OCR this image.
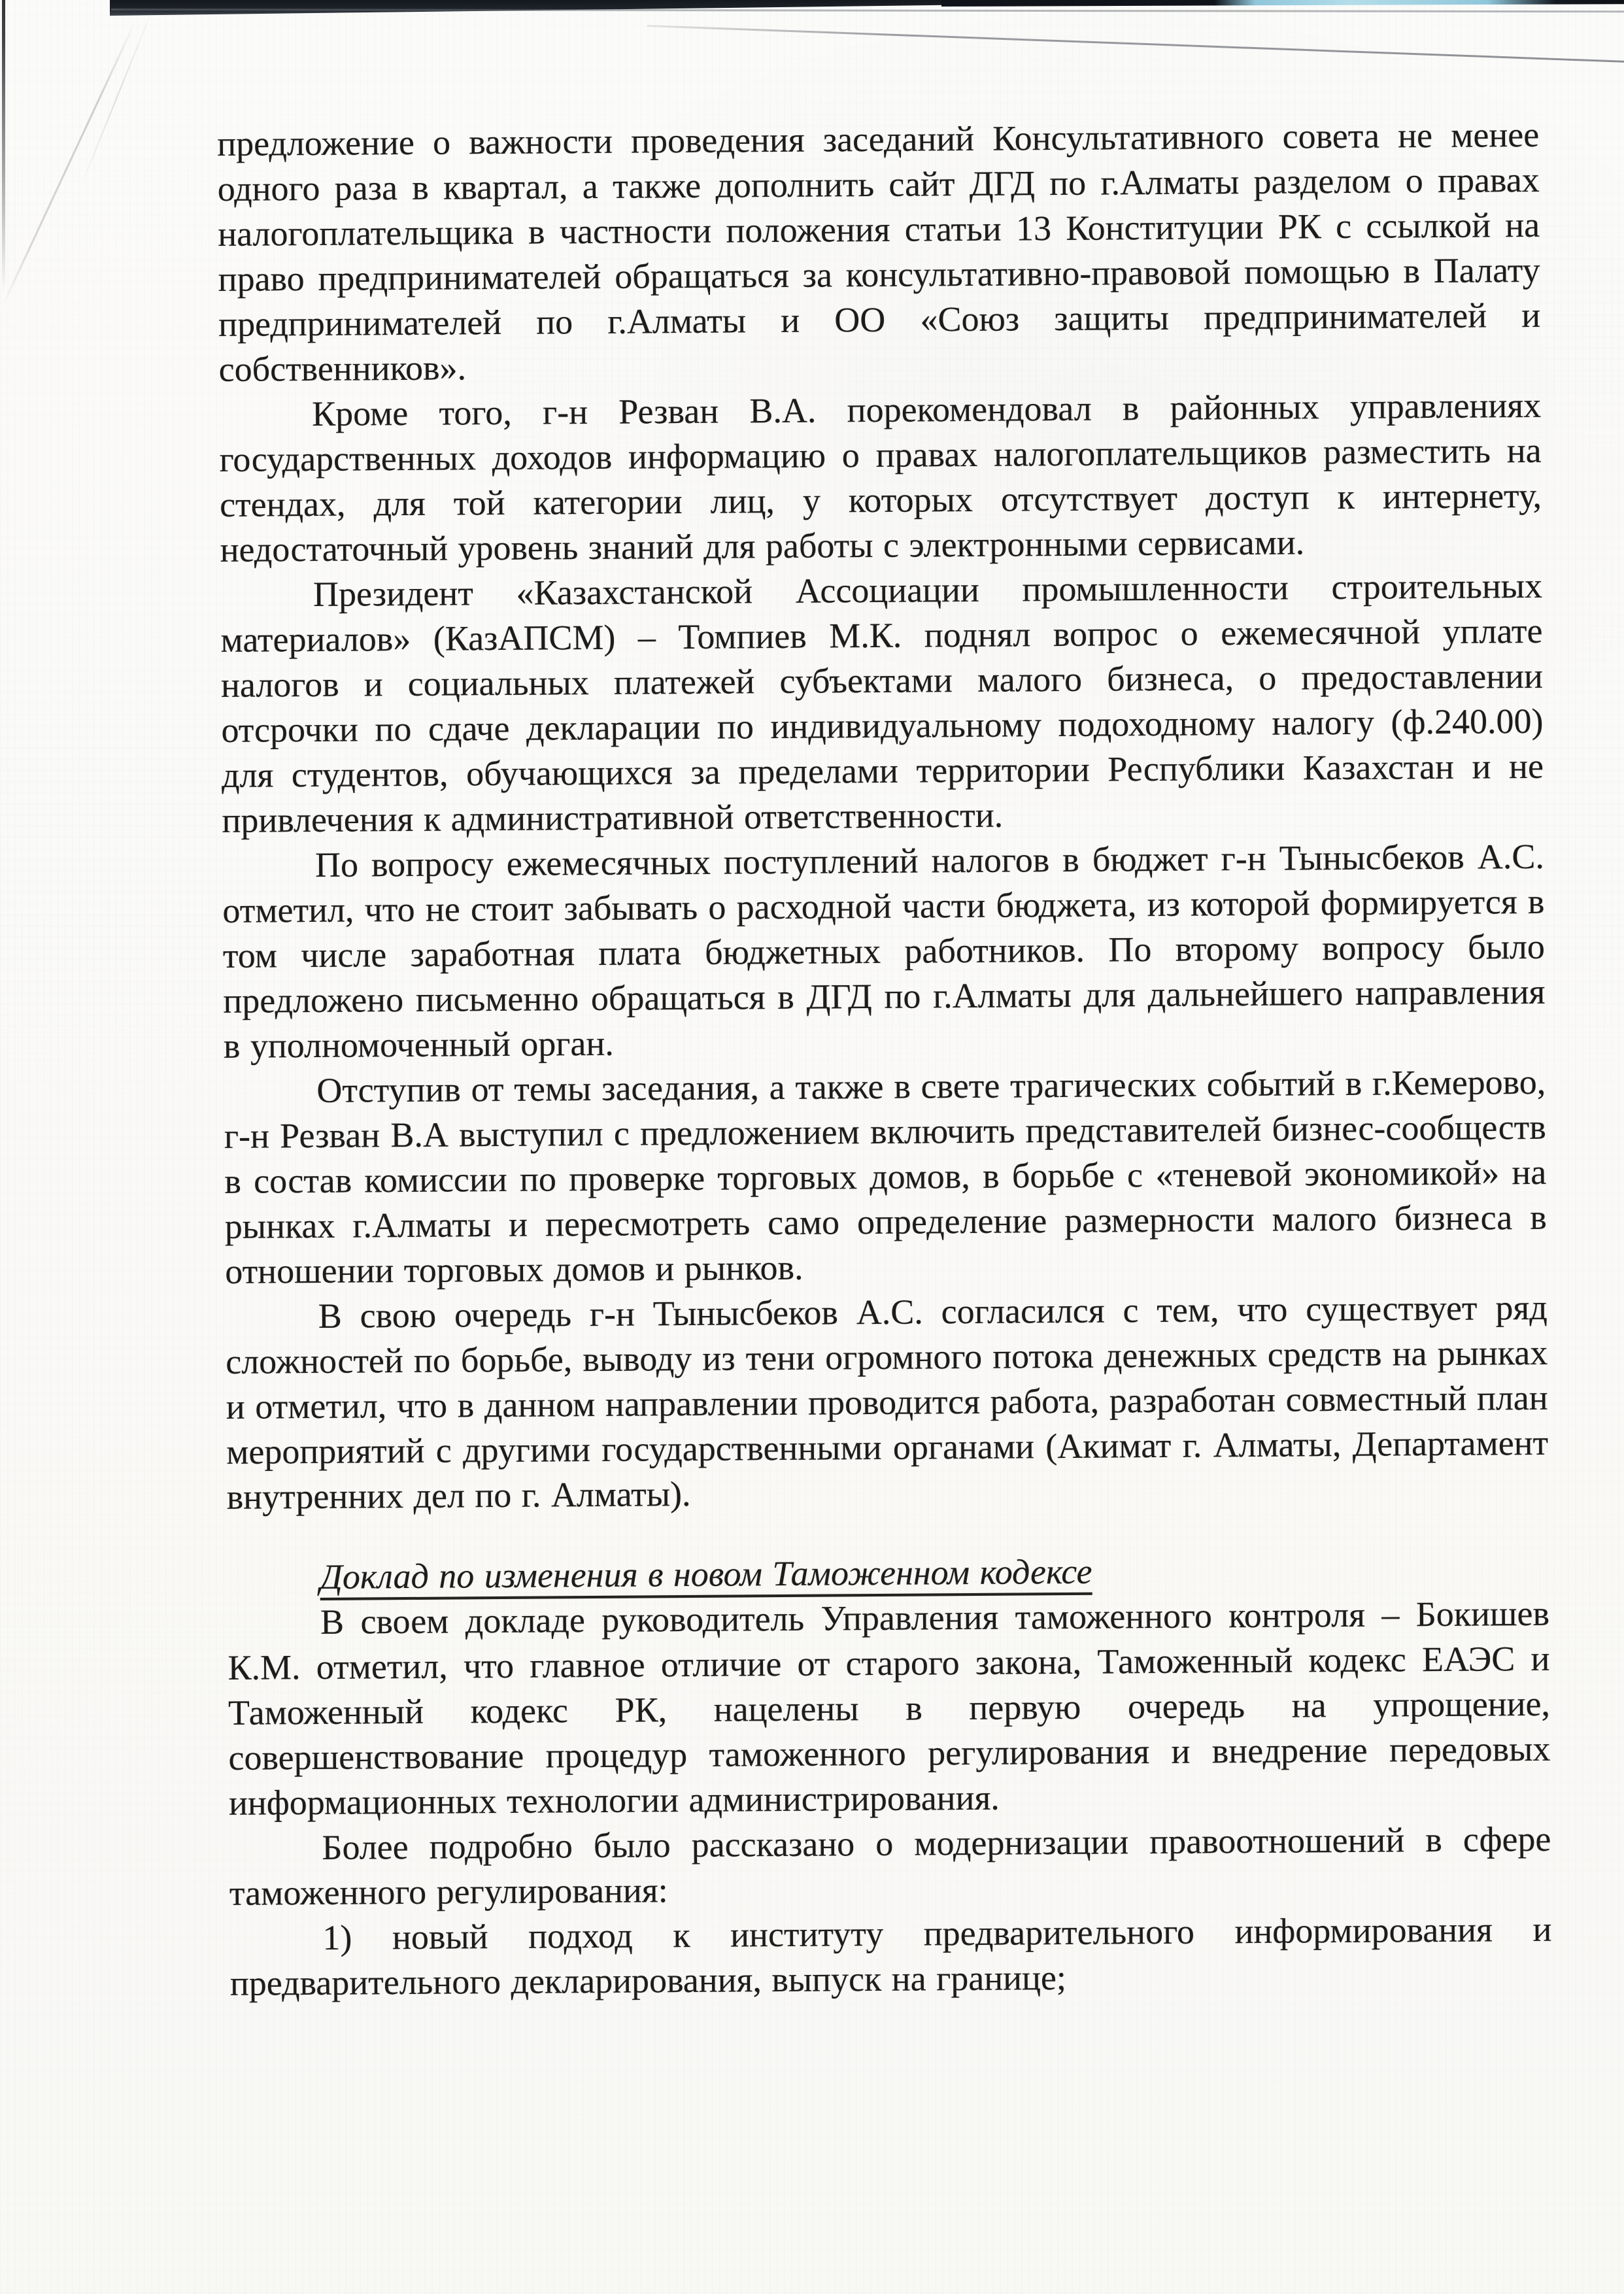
предложение о важности проведения заседаний Консультативного совета не менее одного раза в квартал, а также дополнить сайт ДГД по г.Алматы разделом о правах налогоплательщика в частности положения статьи 13 Конституции РК с ссылкой на право предпринимателей обращаться за консультативно-правовой помощью в Палату предпринимателей по г.Алматы и ОО «Союз защиты предпринимателей и собственников».

Кроме того, г-н Резван В.А. порекомендовал в районных управлениях государственных доходов информацию о правах налогоплательщиков разместить на стендах, для той категории лиц, у которых отсутствует доступ к интернету, недостаточный уровень знаний для работы с электронными сервисами.

Президент «Казахстанской Ассоциации промышленности строительных материалов» (КазАПСМ) – Томпиев М.К. поднял вопрос о ежемесячной уплате налогов и социальных платежей субъектами малого бизнеса, о предоставлении отсрочки по сдаче декларации по индивидуальному подоходному налогу (ф.240.00) для студентов, обучающихся за пределами территории Республики Казахстан и не привлечения к административной ответственности.

По вопросу ежемесячных поступлений налогов в бюджет г-н Тынысбеков А.С. отметил, что не стоит забывать о расходной части бюджета, из которой формируется в том числе заработная плата бюджетных работников. По второму вопросу было предложено письменно обращаться в ДГД по г.Алматы для дальнейшего направления в уполномоченный орган.

Отступив от темы заседания, а также в свете трагических событий в г.Кемерово, г-н Резван В.А выступил с предложением включить представителей бизнес-сообществ в состав комиссии по проверке торговых домов, в борьбе с «теневой экономикой» на рынках г.Алматы и пересмотреть само определение размерности малого бизнеса в отношении торговых домов и рынков.

В свою очередь г-н Тынысбеков А.С. согласился с тем, что существует ряд сложностей по борьбе, выводу из тени огромного потока денежных средств на рынках и отметил, что в данном направлении проводится работа, разработан совместный план мероприятий с другими государственными органами (Акимат г. Алматы, Департамент внутренних дел по г. Алматы).

Доклад по изменения в новом Таможенном кодексе

В своем докладе руководитель Управления таможенного контроля – Бокишев К.М. отметил, что главное отличие от старого закона, Таможенный кодекс ЕАЭС и Таможенный кодекс РК, нацелены в первую очередь на упрощение, совершенствование процедур таможенного регулирования и внедрение передовых информационных технологии администрирования.

Более подробно было рассказано о модернизации правоотношений в сфере таможенного регулирования:

1) новый подход к институту предварительного информирования и предварительного декларирования, выпуск на границе;
